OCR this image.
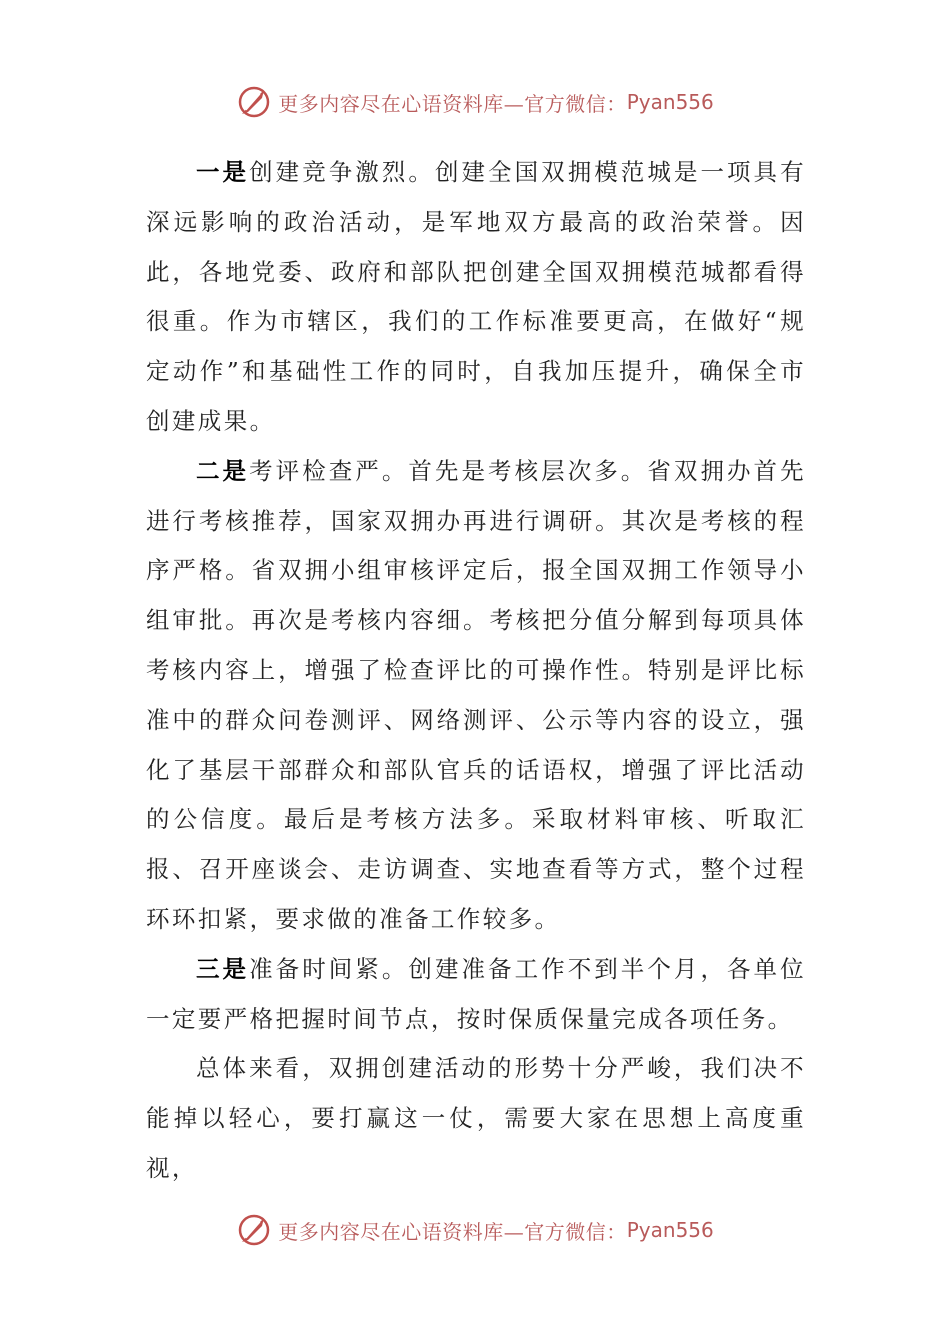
更多内容尽在心语资料库—官方微信： Pyan556

一是创建竞争激烈。创建全国双拥模范城是一项具有深远影响的政治活动，是军地双方最高的政治荣誉。因此，各地党委、政府和部队把创建全国双拥模范城都看得很重。作为市辖区，我们的工作标准要更高，在做好“规定动作”和基础性工作的同时，自我加压提升，确保全市创建成果。

二是考评检查严。首先是考核层次多。省双拥办首先进行考核推荐，国家双拥办再进行调研。其次是考核的程序严格。省双拥小组审核评定后，报全国双拥工作领导小组审批。再次是考核内容细。考核把分值分解到每项具体考核内容上，增强了检查评比的可操作性。特别是评比标准中的群众问卷测评、网络测评、公示等内容的设立，强化了基层干部群众和部队官兵的话语权，增强了评比活动的公信度。最后是考核方法多。采取材料审核、听取汇报、召开座谈会、走访调查、实地查看等方式，整个过程环环扣紧，要求做的准备工作较多。

三是准备时间紧。创建准备工作不到半个月，各单位一定要严格把握时间节点，按时保质保量完成各项任务。

总体来看，双拥创建活动的形势十分严峻，我们决不能掉以轻心，要打赢这一仗，需要大家在思想上高度重视，

更多内容尽在心语资料库—官方微信： Pyan556
